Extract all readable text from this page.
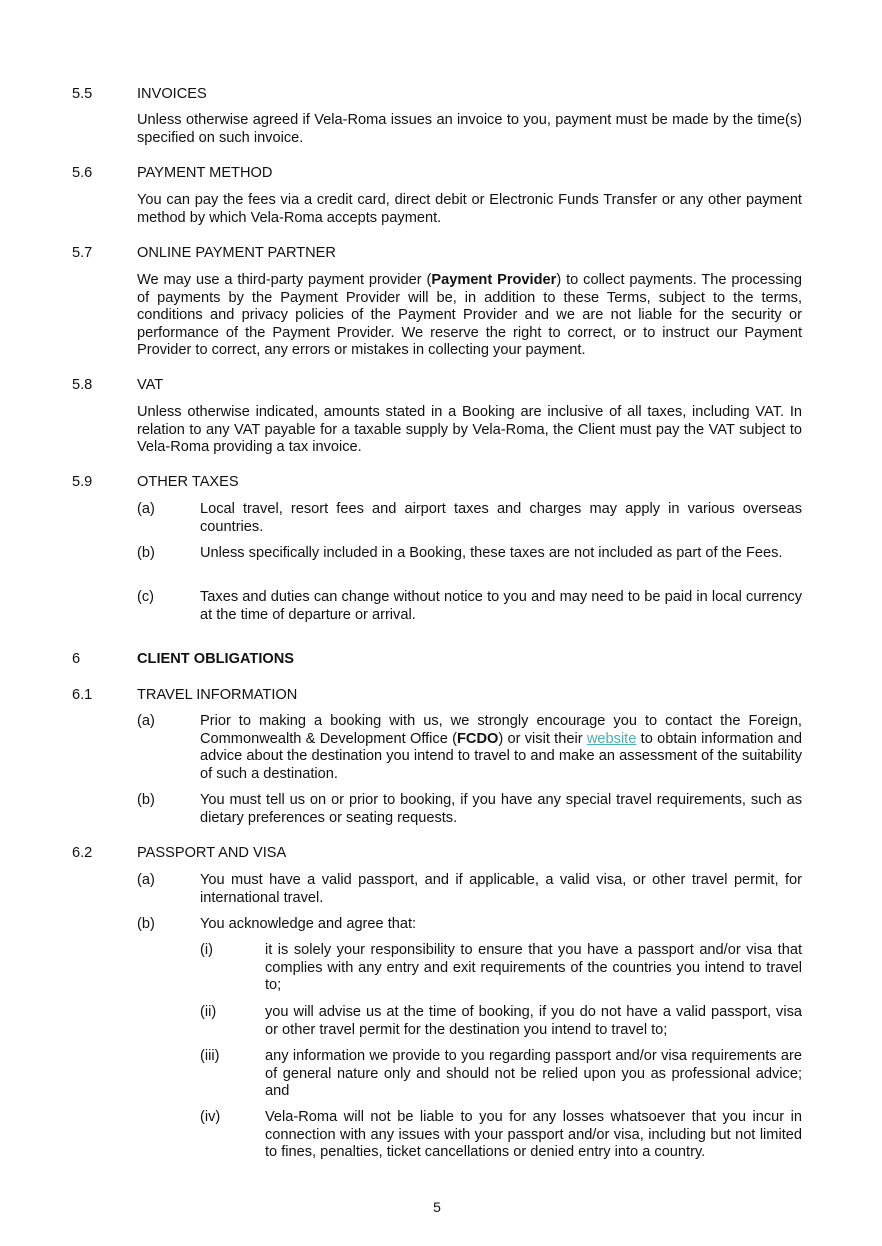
5.5	INVOICES
Unless otherwise agreed if Vela-Roma issues an invoice to you, payment must be made by the time(s) specified on such invoice.
5.6	PAYMENT METHOD
You can pay the fees via a credit card, direct debit or Electronic Funds Transfer or any other payment method by which Vela-Roma accepts payment.
5.7	ONLINE PAYMENT PARTNER
We may use a third-party payment provider (Payment Provider) to collect payments. The processing of payments by the Payment Provider will be, in addition to these Terms, subject to the terms, conditions and privacy policies of the Payment Provider and we are not liable for the security or performance of the Payment Provider. We reserve the right to correct, or to instruct our Payment Provider to correct, any errors or mistakes in collecting your payment.
5.8	VAT
Unless otherwise indicated, amounts stated in a Booking are inclusive of all taxes, including VAT. In relation to any VAT payable for a taxable supply by Vela-Roma, the Client must pay the VAT subject to Vela-Roma providing a tax invoice.
5.9	OTHER TAXES
(a)	Local travel, resort fees and airport taxes and charges may apply in various overseas countries.
(b)	Unless specifically included in a Booking, these taxes are not included as part of the Fees.
(c)	Taxes and duties can change without notice to you and may need to be paid in local currency at the time of departure or arrival.
6	CLIENT OBLIGATIONS
6.1	TRAVEL INFORMATION
(a)	Prior to making a booking with us, we strongly encourage you to contact the Foreign, Commonwealth & Development Office (FCDO) or visit their website to obtain information and advice about the destination you intend to travel to and make an assessment of the suitability of such a destination.
(b)	You must tell us on or prior to booking, if you have any special travel requirements, such as dietary preferences or seating requests.
6.2	PASSPORT AND VISA
(a)	You must have a valid passport, and if applicable, a valid visa, or other travel permit, for international travel.
(b)	You acknowledge and agree that:
(i)	it is solely your responsibility to ensure that you have a passport and/or visa that complies with any entry and exit requirements of the countries you intend to travel to;
(ii)	you will advise us at the time of booking, if you do not have a valid passport, visa or other travel permit for the destination you intend to travel to;
(iii)	any information we provide to you regarding passport and/or visa requirements are of general nature only and should not be relied upon you as professional advice; and
(iv)	Vela-Roma will not be liable to you for any losses whatsoever that you incur in connection with any issues with your passport and/or visa, including but not limited to fines, penalties, ticket cancellations or denied entry into a country.
5
